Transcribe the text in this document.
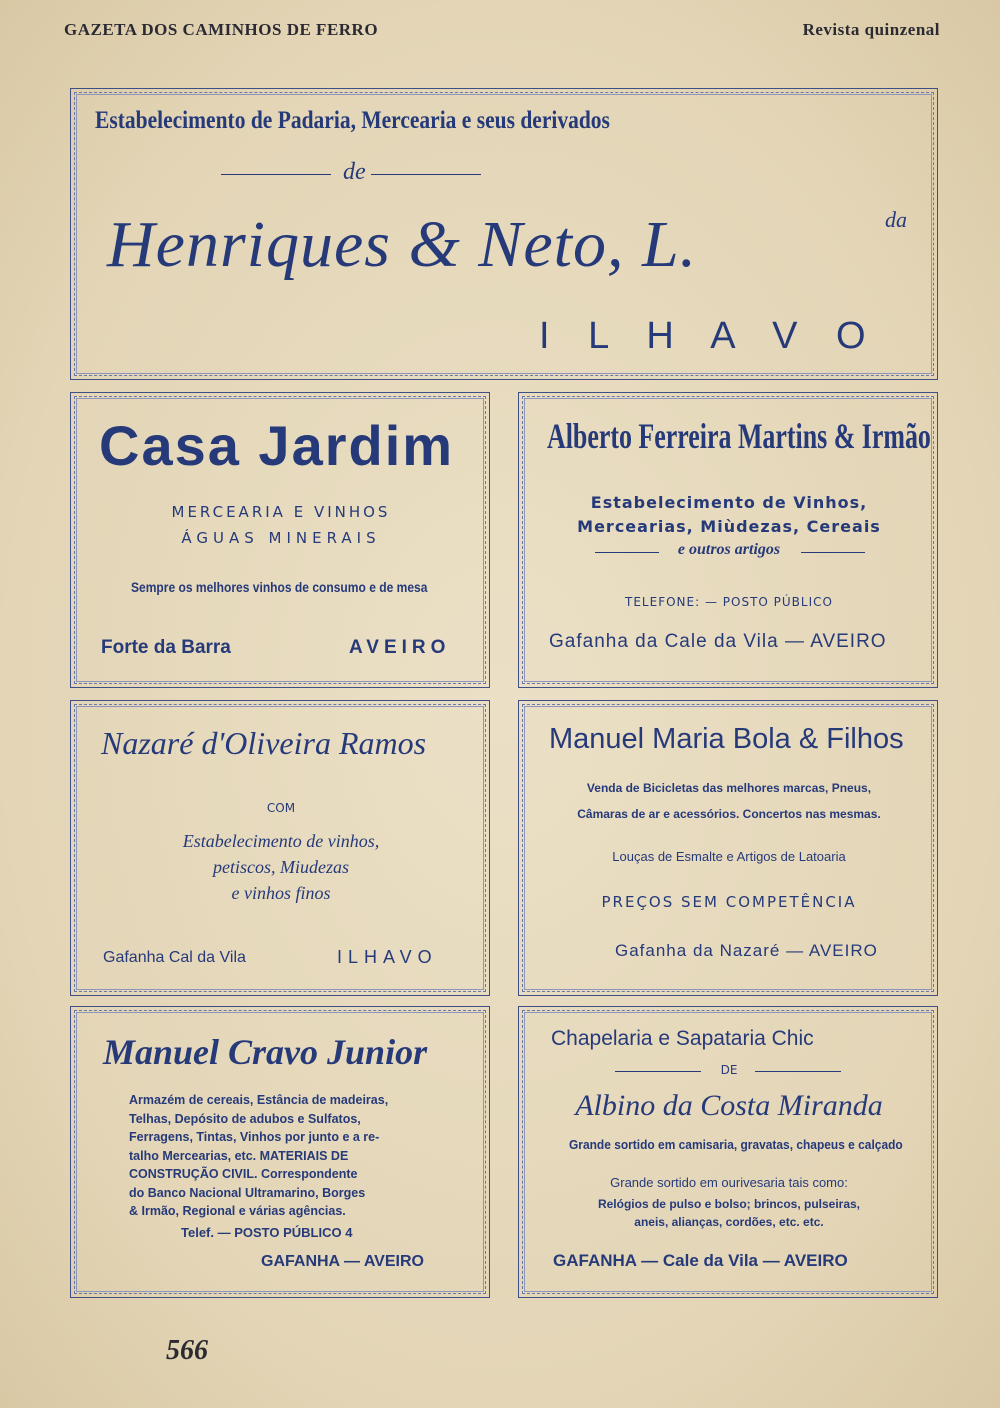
GAZETA DOS CAMINHOS DE FERRO	Revista quinzenal
Estabelecimento de Padaria, Mercearia e seus derivados
de
Henriques & Neto, L.	da
I L H A V O
Casa Jardim
MERCEARIA E VINHOS
ÁGUAS MINERAIS
Sempre os melhores vinhos de consumo e de mesa
Forte da Barra	AVEIRO
Alberto Ferreira Martins & Irmão
Estabelecimento de Vinhos,
Mercearias, Miùdezas, Cereais
e outros artigos
TELEFONE: — POSTO PÚBLICO
Gafanha da Cale da Vila — AVEIRO
Nazaré d'Oliveira Ramos
COM
Estabelecimento de vinhos,
petiscos, Miudezas
e vinhos finos
Gafanha Cal da Vila	ILHAVO
Manuel Maria Bola & Filhos
Venda de Bicicletas das melhores marcas, Pneus,
Câmaras de ar e acessórios. Concertos nas mesmas.
Louças de Esmalte e Artigos de Latoaria
PREÇOS SEM COMPETÊNCIA
Gafanha da Nazaré — AVEIRO
Manuel Cravo Junior
Armazém de cereais, Estância de madeiras,
Telhas, Depósito de adubos e Sulfatos,
Ferragens, Tintas, Vinhos por junto e a re-
talho Mercearias, etc. MATERIAIS DE
CONSTRUÇÃO CIVIL. Correspondente
do Banco Nacional Ultramarino, Borges
& Irmão, Regional e várias agências.
Telef. — POSTO PÚBLICO 4
GAFANHA — AVEIRO
Chapelaria e Sapataria Chic
DE
Albino da Costa Miranda
Grande sortido em camisaria, gravatas, chapeus e calçado
Grande sortido em ourivesaria tais como:
Relógios de pulso e bolso; brincos, pulseiras,
aneis, alianças, cordões, etc. etc.
GAFANHA — Cale da Vila — AVEIRO
566
